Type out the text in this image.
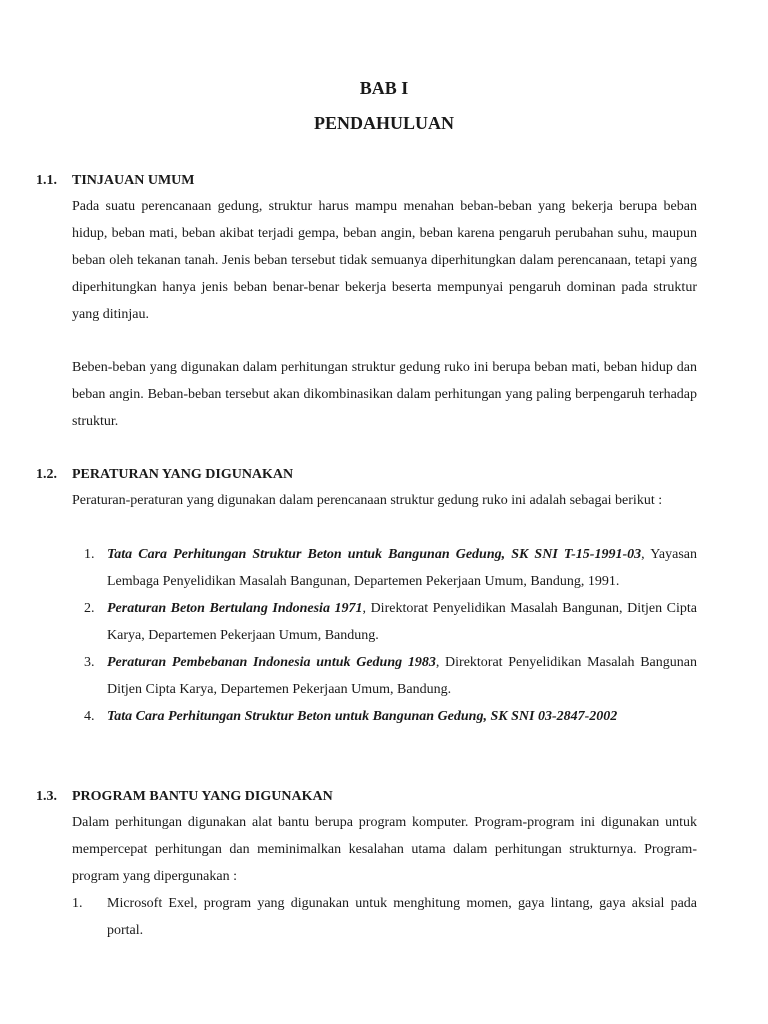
BAB I
PENDAHULUAN
1.1. TINJAUAN UMUM

Pada suatu perencanaan gedung, struktur harus mampu menahan beban-beban yang bekerja berupa beban hidup, beban mati, beban akibat terjadi gempa, beban angin, beban karena pengaruh perubahan suhu, maupun beban oleh tekanan tanah. Jenis beban tersebut tidak semuanya diperhitungkan dalam perencanaan, tetapi yang diperhitungkan hanya jenis beban benar-benar bekerja beserta mempunyai pengaruh dominan pada struktur yang ditinjau.

Beben-beban yang digunakan dalam perhitungan struktur gedung ruko ini berupa beban mati, beban hidup dan beban angin. Beban-beban tersebut akan dikombinasikan dalam perhitungan yang paling berpengaruh terhadap struktur.

1.2. PERATURAN YANG DIGUNAKAN

Peraturan-peraturan yang digunakan dalam perencanaan struktur gedung ruko ini adalah sebagai berikut :

1. Tata Cara Perhitungan Struktur Beton untuk Bangunan Gedung, SK SNI T-15-1991-03, Yayasan Lembaga Penyelidikan Masalah Bangunan, Departemen Pekerjaan Umum, Bandung, 1991.
2. Peraturan Beton Bertulang Indonesia 1971, Direktorat Penyelidikan Masalah Bangunan, Ditjen Cipta Karya, Departemen Pekerjaan Umum, Bandung.
3. Peraturan Pembebanan Indonesia untuk Gedung 1983, Direktorat Penyelidikan Masalah Bangunan Ditjen Cipta Karya, Departemen Pekerjaan Umum, Bandung.
4. Tata Cara Perhitungan Struktur Beton untuk Bangunan Gedung, SK SNI 03-2847-2002
1.3. PROGRAM BANTU YANG DIGUNAKAN

Dalam perhitungan digunakan alat bantu berupa program komputer. Program-program ini digunakan untuk mempercepat perhitungan dan meminimalkan kesalahan utama dalam perhitungan strukturnya. Program-program yang dipergunakan :

1. Microsoft Exel, program yang digunakan untuk menghitung momen, gaya lintang, gaya aksial pada portal.
